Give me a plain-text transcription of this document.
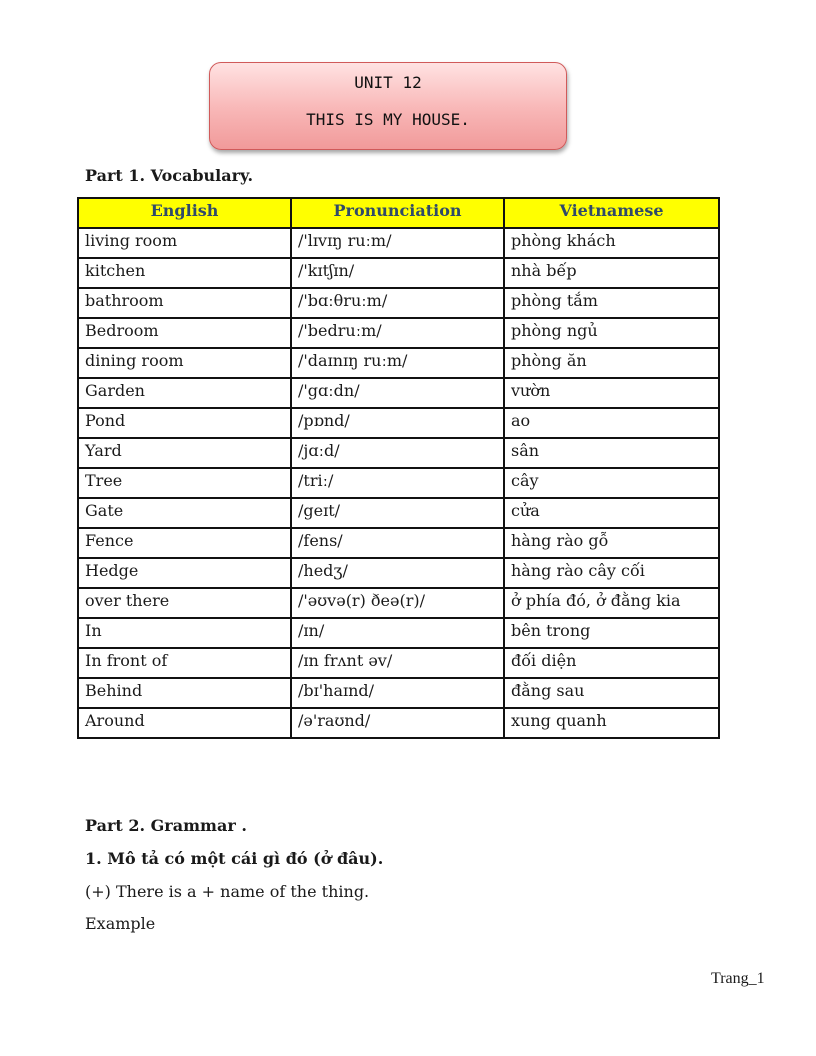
UNIT 12
THIS IS MY HOUSE.
Part 1. Vocabulary.
English	Pronunciation	Vietnamese
living room	/'lɪvɪŋ ruːm/	phòng khách
kitchen	/'kɪtʃɪn/	nhà bếp
bathroom	/'bɑːθruːm/	phòng tắm
Bedroom	/'bedruːm/	phòng ngủ
dining room	/'daɪnɪŋ ruːm/	phòng ăn
Garden	/'gɑːdn/	vườn
Pond	/pɒnd/	ao
Yard	/jɑːd/	sân
Tree	/triː/	cây
Gate	/geɪt/	cửa
Fence	/fens/	hàng rào gỗ
Hedge	/hedʒ/	hàng rào cây cối
over there	/'əʊvə(r) ðeə(r)/	ở phía đó, ở đằng kia
In	/ɪn/	bên trong
In front of	/ɪn frʌnt əv/	đối diện
Behind	/bɪ'haɪnd/	đằng sau
Around	/ə'raʊnd/	xung quanh
Part 2. Grammar .
1. Mô tả có một cái gì đó (ở đâu).
(+) There is a + name of the thing.
Example
Trang_1
